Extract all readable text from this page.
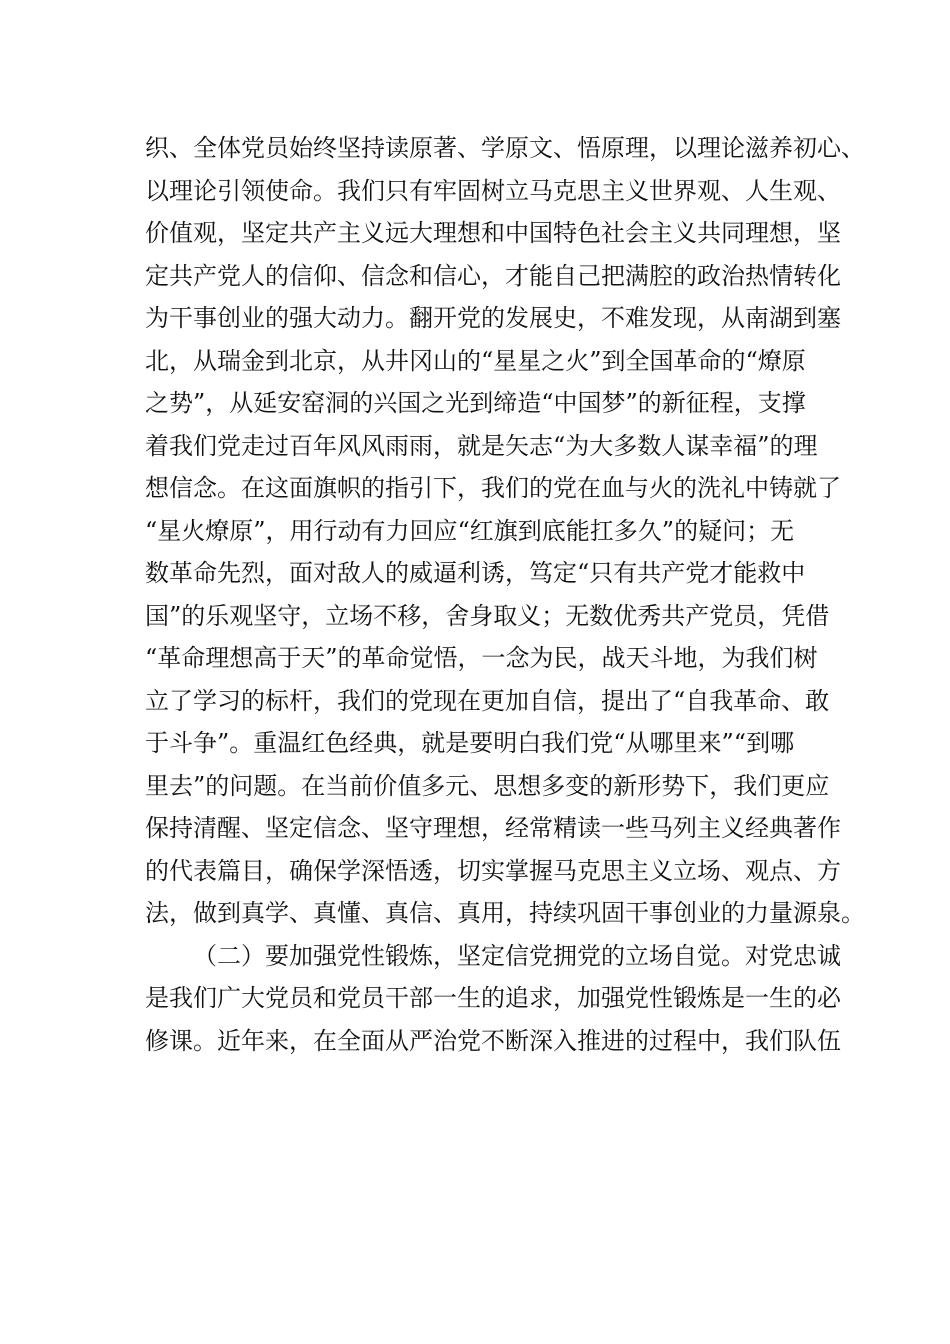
织、全体党员始终坚持读原著、学原文、悟原理，以理论滋养初心、
以理论引领使命。我们只有牢固树立马克思主义世界观、人生观、
价值观，坚定共产主义远大理想和中国特色社会主义共同理想，坚
定共产党人的信仰、信念和信心，才能自己把满腔的政治热情转化
为干事创业的强大动力。翻开党的发展史，不难发现，从南湖到塞
北，从瑞金到北京，从井冈山的“星星之火”到全国革命的“燎原
之势”，从延安窑洞的兴国之光到缔造“中国梦”的新征程，支撑
着我们党走过百年风风雨雨，就是矢志“为大多数人谋幸福”的理
想信念。在这面旗帜的指引下，我们的党在血与火的洗礼中铸就了
“星火燎原”，用行动有力回应“红旗到底能扛多久”的疑问；无
数革命先烈，面对敌人的威逼利诱，笃定“只有共产党才能救中
国”的乐观坚守，立场不移，舍身取义；无数优秀共产党员，凭借
“革命理想高于天”的革命觉悟，一念为民，战天斗地，为我们树
立了学习的标杆，我们的党现在更加自信，提出了“自我革命、敢
于斗争”。重温红色经典，就是要明白我们党“从哪里来”“到哪
里去”的问题。在当前价值多元、思想多变的新形势下，我们更应
保持清醒、坚定信念、坚守理想，经常精读一些马列主义经典著作
的代表篇目，确保学深悟透，切实掌握马克思主义立场、观点、方
法，做到真学、真懂、真信、真用，持续巩固干事创业的力量源泉。
（二）要加强党性锻炼，坚定信党拥党的立场自觉。对党忠诚
是我们广大党员和党员干部一生的追求，加强党性锻炼是一生的必
修课。近年来，在全面从严治党不断深入推进的过程中，我们队伍
